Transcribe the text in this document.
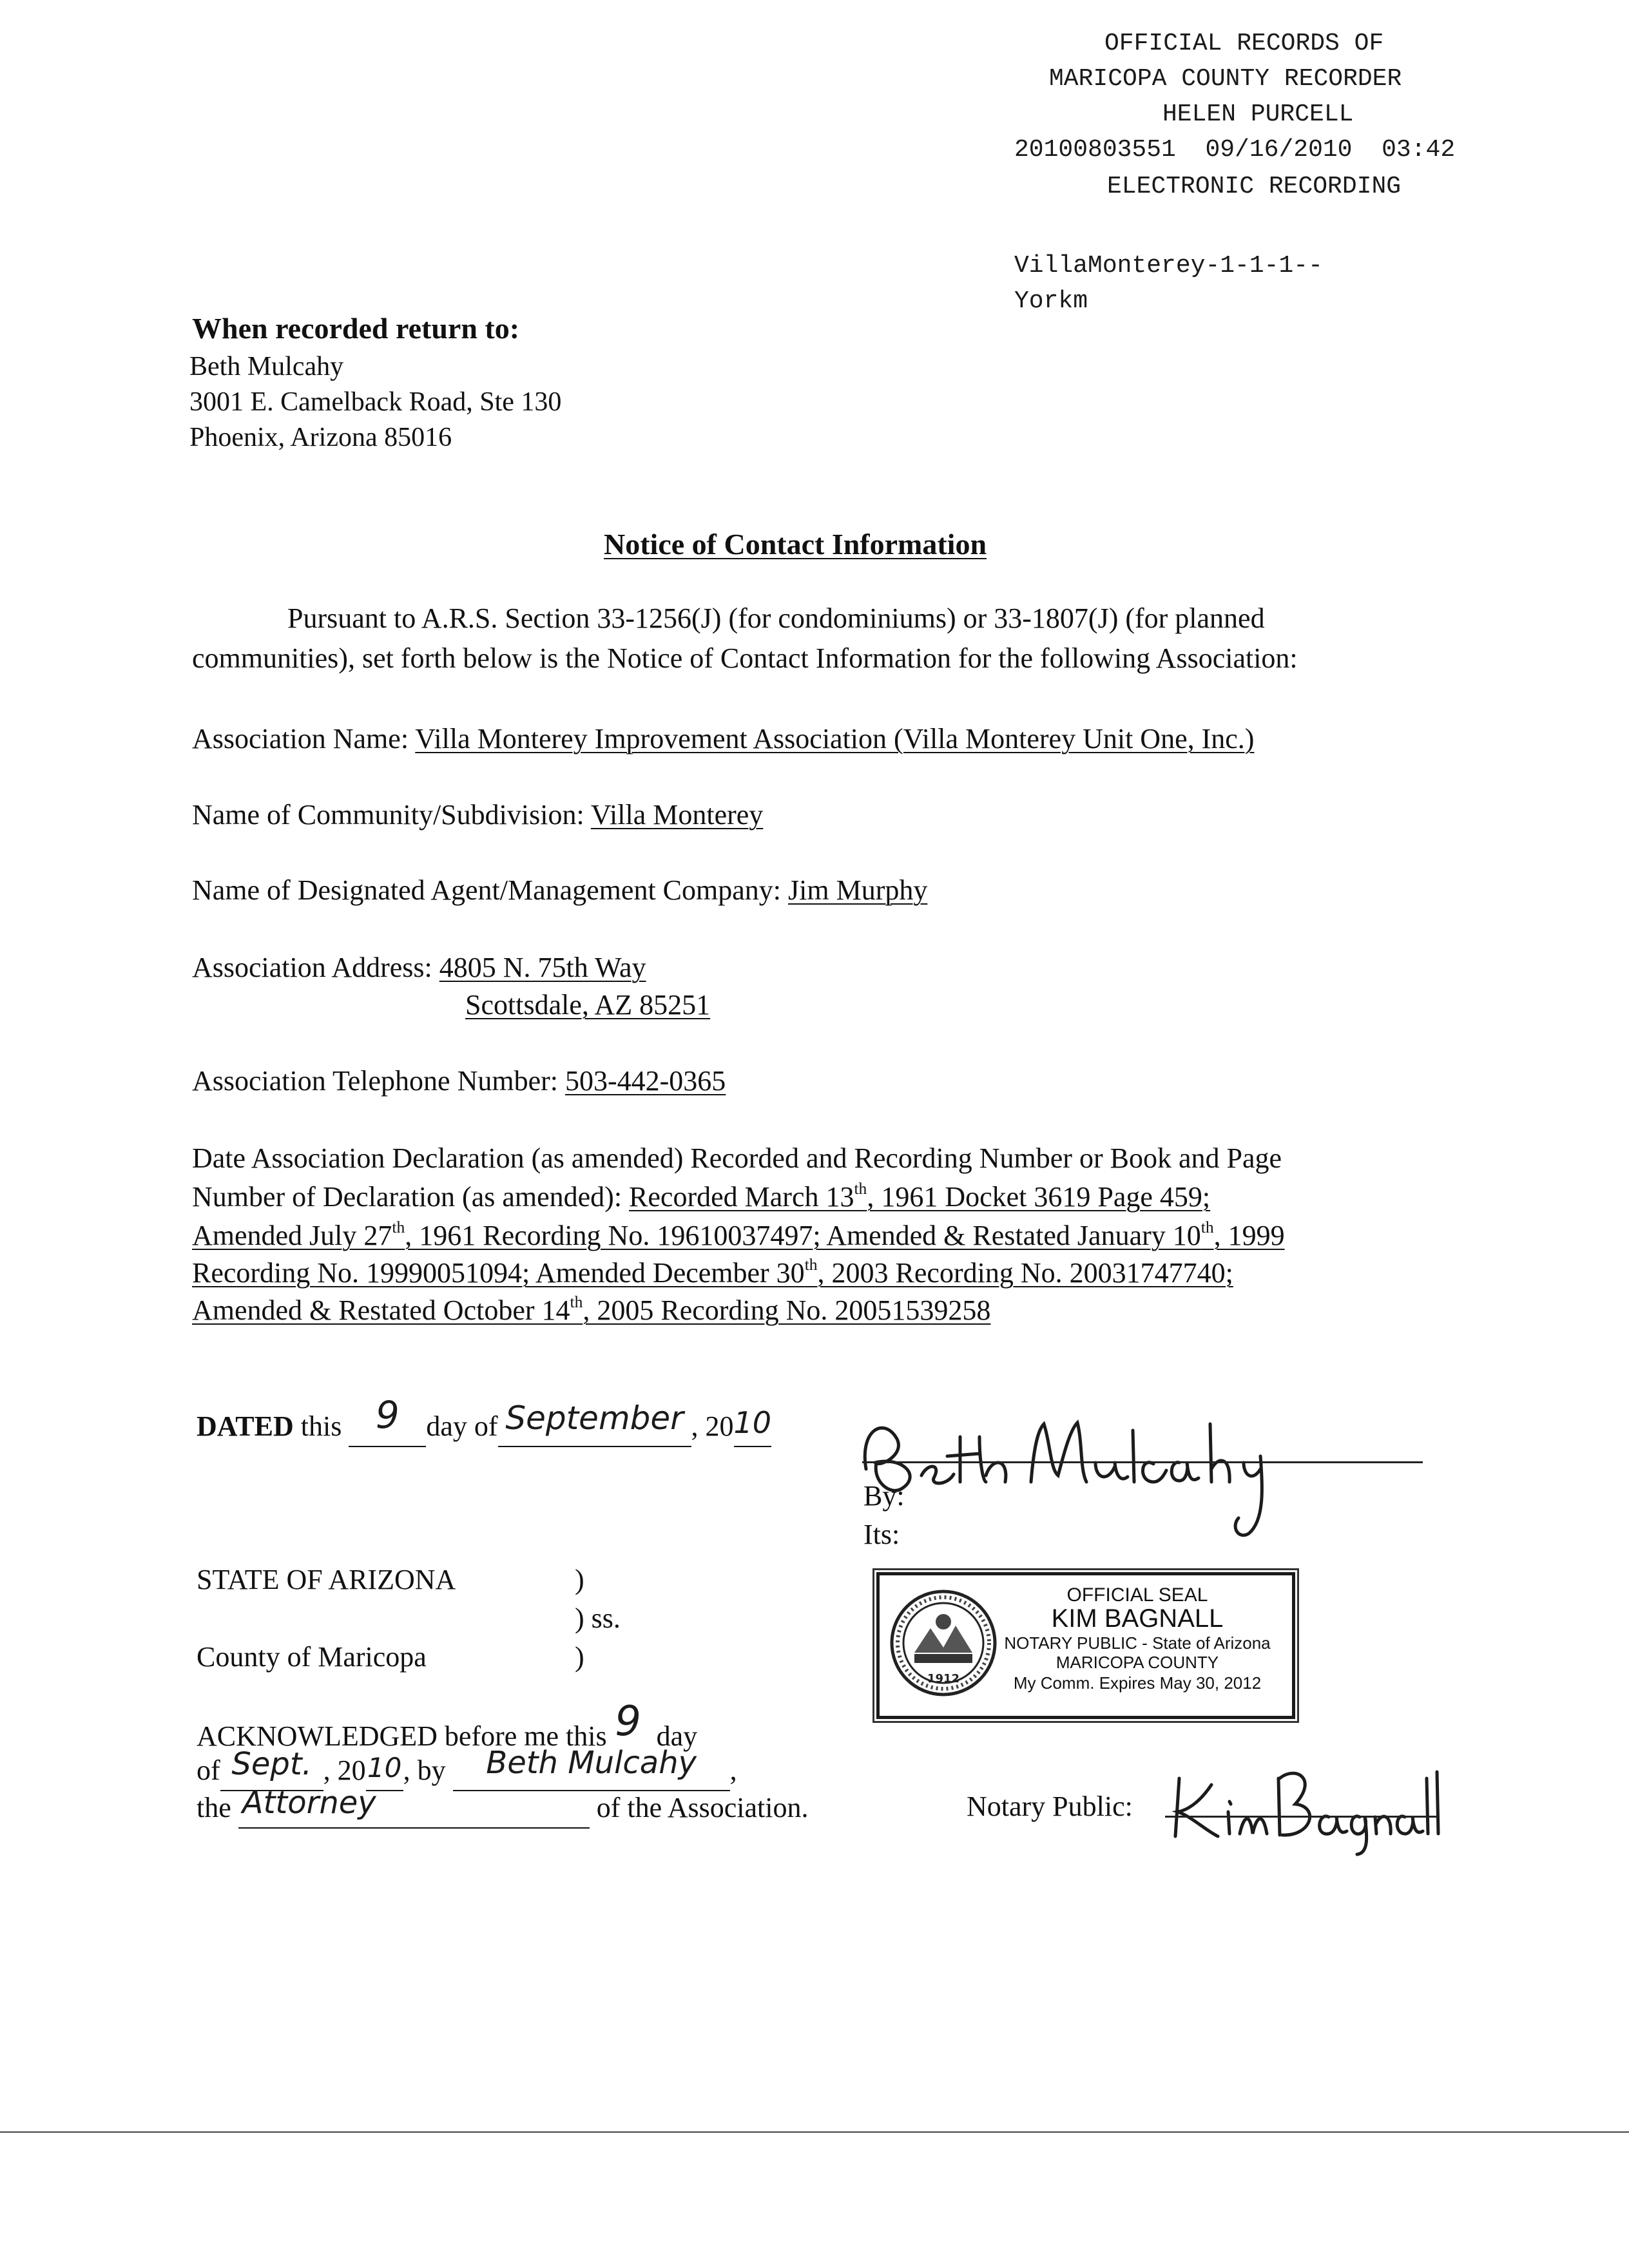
OFFICIAL RECORDS OF
MARICOPA COUNTY RECORDER
HELEN PURCELL
20100803551 09/16/2010 03:42
ELECTRONIC RECORDING
VillaMonterey-1-1-1--
Yorkm
When recorded return to:
Beth Mulcahy
3001 E. Camelback Road, Ste 130
Phoenix, Arizona 85016
Notice of Contact Information
Pursuant to A.R.S. Section 33-1256(J) (for condominiums) or 33-1807(J) (for planned
communities), set forth below is the Notice of Contact Information for the following Association:
Association Name: Villa Monterey Improvement Association (Villa Monterey Unit One, Inc.)
Name of Community/Subdivision: Villa Monterey
Name of Designated Agent/Management Company: Jim Murphy
Association Address: 4805 N. 75th Way
Scottsdale, AZ 85251
Association Telephone Number: 503-442-0365
Date Association Declaration (as amended) Recorded and Recording Number or Book and Page
Number of Declaration (as amended): Recorded March 13th, 1961 Docket 3619 Page 459;
Amended July 27th, 1961 Recording No. 19610037497; Amended & Restated January 10th, 1999
Recording No. 19990051094; Amended December 30th, 2003 Recording No. 20031747740;
Amended & Restated October 14th, 2005 Recording No. 20051539258
DATED this 9 day of September , 2010
By:
Its:
STATE OF ARIZONA	)
) ss.
County of Maricopa	)
1912
OFFICIAL SEAL
KIM BAGNALL
NOTARY PUBLIC - State of Arizona
MARICOPA COUNTY
My Comm. Expires May 30, 2012
ACKNOWLEDGED before me this 9 day
of Sept. , 2010, by Beth Mulcahy ,
the Attorney	of the Association.	Notary Public:
